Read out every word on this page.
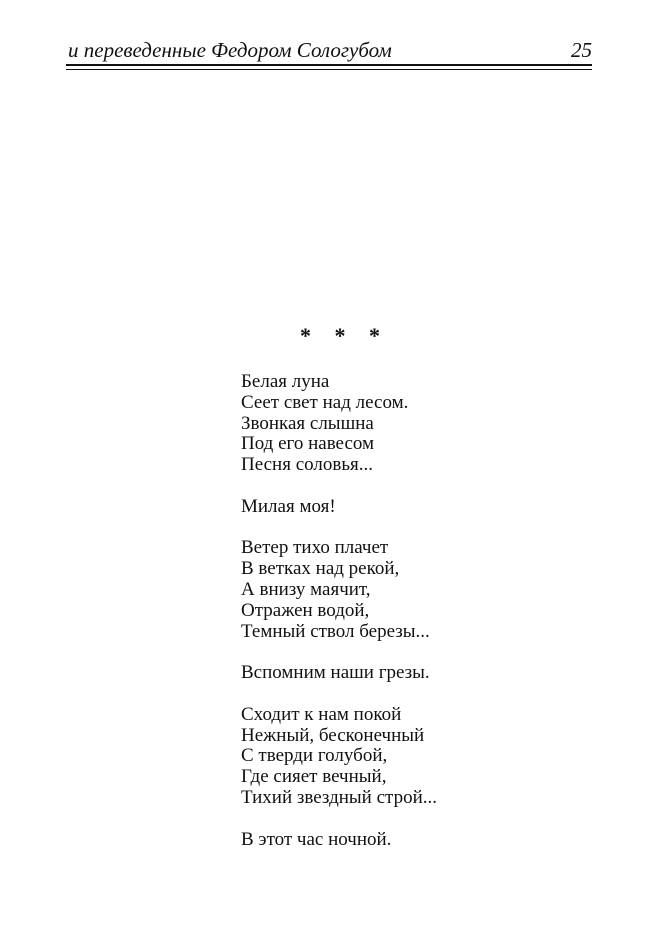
и переведенные Федором Сологубом	25
* * *
Белая луна
Сеет свет над лесом.
Звонкая слышна
Под его навесом
Песня соловья...
Милая моя!
Ветер тихо плачет
В ветках над рекой,
А внизу маячит,
Отражен водой,
Темный ствол березы...
Вспомним наши грезы.
Сходит к нам покой
Нежный, бесконечный
С тверди голубой,
Где сияет вечный,
Тихий звездный строй...
В этот час ночной.
